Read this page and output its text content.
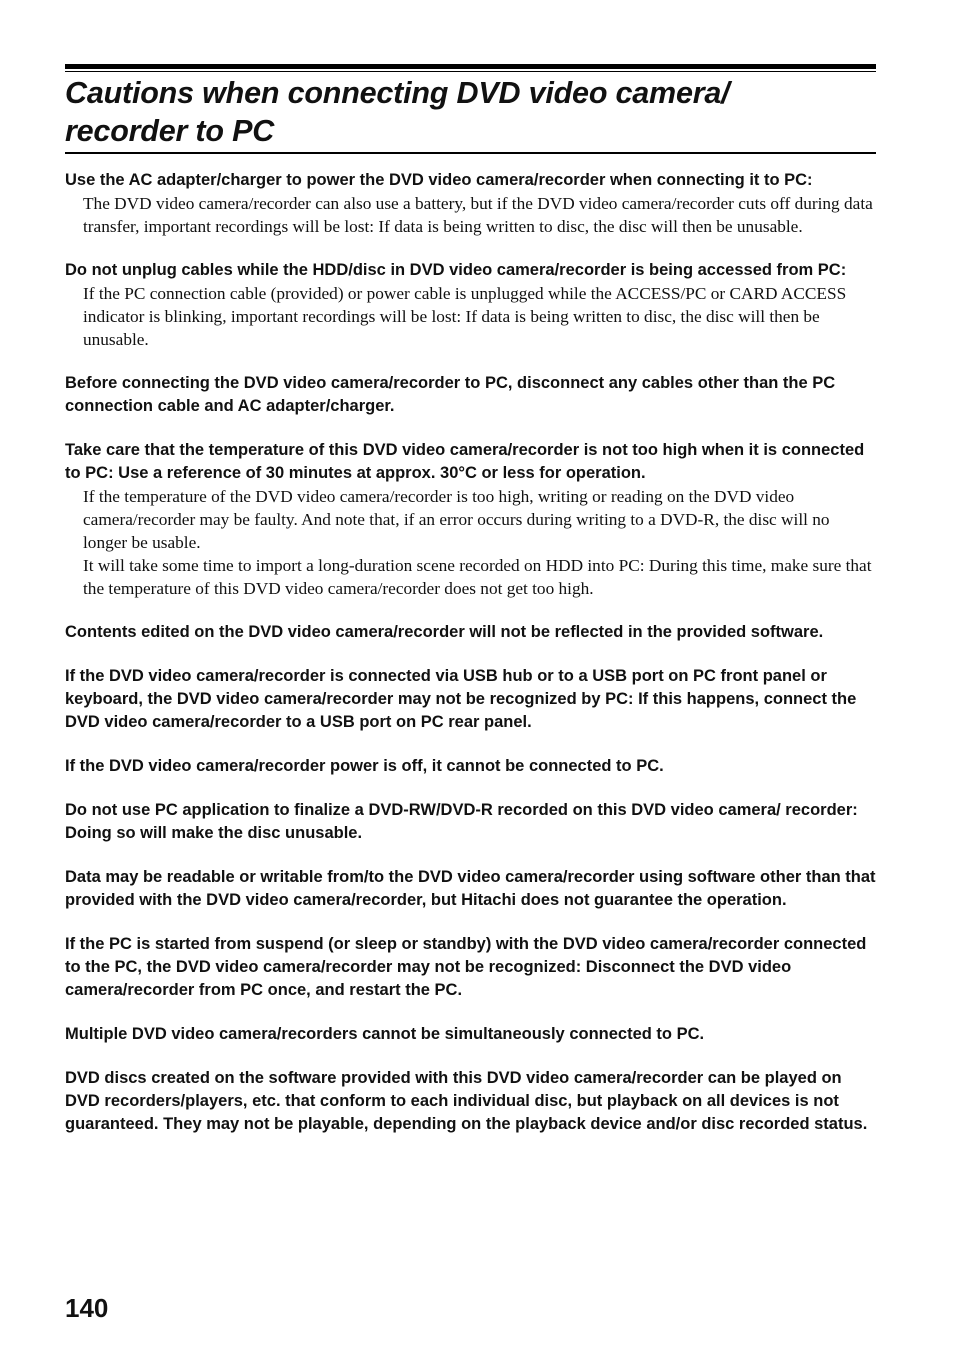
Cautions when connecting DVD video camera/
recorder to PC

Use the AC adapter/charger to power the DVD video camera/recorder when connecting it to PC:

The DVD video camera/recorder can also use a battery, but if the DVD video camera/recorder cuts off during data transfer, important recordings will be lost: If data is being written to disc, the disc will then be unusable.

Do not unplug cables while the HDD/disc in DVD video camera/recorder is being accessed from PC:

If the PC connection cable (provided) or power cable is unplugged while the ACCESS/PC or CARD ACCESS indicator is blinking, important recordings will be lost: If data is being written to disc, the disc will then be unusable.

Before connecting the DVD video camera/recorder to PC, disconnect any cables other than the PC connection cable and AC adapter/charger.

Take care that the temperature of this DVD video camera/recorder is not too high when it is connected to PC: Use a reference of 30 minutes at approx. 30°C or less for operation.

If the temperature of the DVD video camera/recorder is too high, writing or reading on the DVD video camera/recorder may be faulty. And note that, if an error occurs during writing to a DVD-R, the disc will no longer be usable.

It will take some time to import a long-duration scene recorded on HDD into PC: During this time, make sure that the temperature of this DVD video camera/recorder does not get too high.

Contents edited on the DVD video camera/recorder will not be reflected in the provided software.

If the DVD video camera/recorder is connected via USB hub or to a USB port on PC front panel or keyboard, the DVD video camera/recorder may not be recognized by PC: If this happens, connect the DVD video camera/recorder to a USB port on PC rear panel.

If the DVD video camera/recorder power is off, it cannot be connected to PC.

Do not use PC application to finalize a DVD-RW/DVD-R recorded on this DVD video camera/ recorder: Doing so will make the disc unusable.

Data may be readable or writable from/to the DVD video camera/recorder using software other than that provided with the DVD video camera/recorder, but Hitachi does not guarantee the operation.

If the PC is started from suspend (or sleep or standby) with the DVD video camera/recorder connected to the PC, the DVD video camera/recorder may not be recognized: Disconnect the DVD video camera/recorder from PC once, and restart the PC.

Multiple DVD video camera/recorders cannot be simultaneously connected to PC.

DVD discs created on the software provided with this DVD video camera/recorder can be played on DVD recorders/players, etc. that conform to each individual disc, but playback on all devices is not guaranteed. They may not be playable, depending on the playback device and/or disc recorded status.

140
